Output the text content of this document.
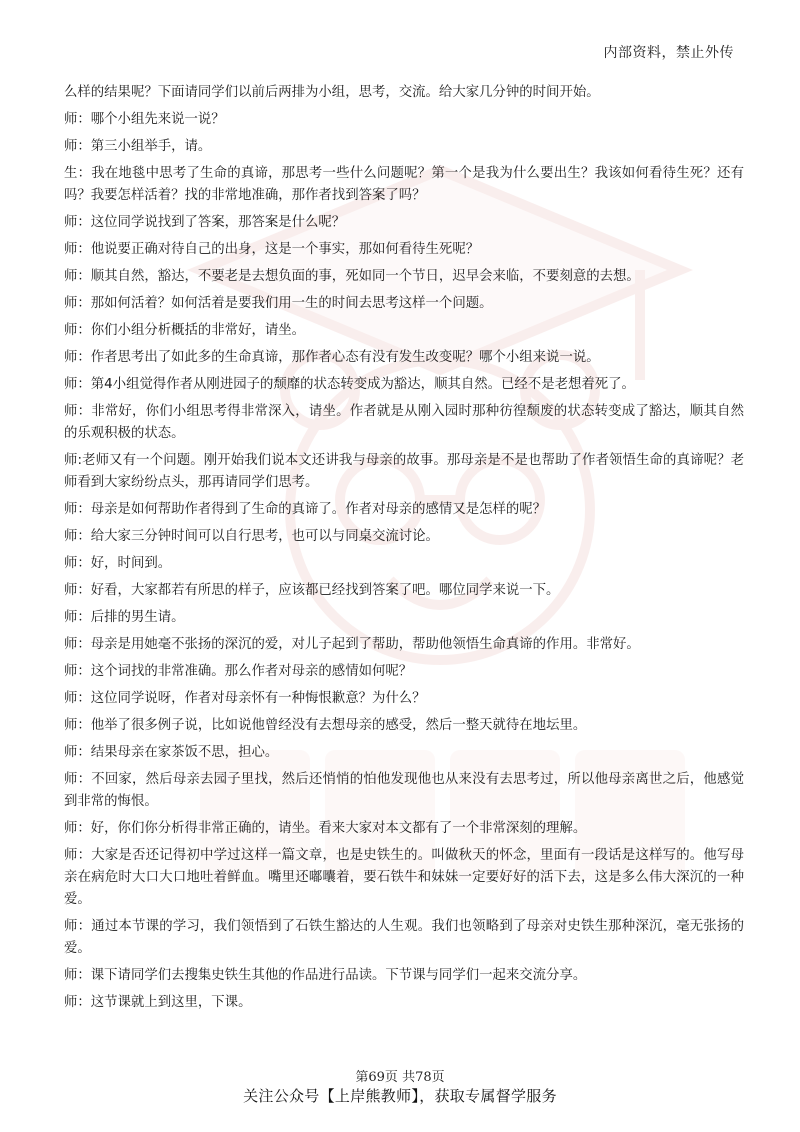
内部资料，禁止外传

么样的结果呢？下面请同学们以前后两排为小组，思考，交流。给大家几分钟的时间开始。

师：哪个小组先来说一说？

师：第三小组举手，请。

生：我在地毯中思考了生命的真谛，那思考一些什么问题呢？第一个是我为什么要出生？我该如何看待生死？还有吗？我要怎样活着？找的非常地准确，那作者找到答案了吗？

师：这位同学说找到了答案，那答案是什么呢？

师：他说要正确对待自己的出身，这是一个事实，那如何看待生死呢？

师：顺其自然，豁达，不要老是去想负面的事，死如同一个节日，迟早会来临，不要刻意的去想。

师：那如何活着？如何活着是要我们用一生的时间去思考这样一个问题。

师：你们小组分析概括的非常好，请坐。

师：作者思考出了如此多的生命真谛，那作者心态有没有发生改变呢？哪个小组来说一说。

师：第4小组觉得作者从刚进园子的颓靡的状态转变成为豁达，顺其自然。已经不是老想着死了。

师：非常好，你们小组思考得非常深入，请坐。作者就是从刚入园时那种彷徨颓废的状态转变成了豁达，顺其自然的乐观积极的状态。

师:老师又有一个问题。刚开始我们说本文还讲我与母亲的故事。那母亲是不是也帮助了作者领悟生命的真谛呢？老师看到大家纷纷点头，那再请同学们思考。

师：母亲是如何帮助作者得到了生命的真谛了。作者对母亲的感情又是怎样的呢？

师：给大家三分钟时间可以自行思考，也可以与同桌交流讨论。

师：好，时间到。

师：好看，大家都若有所思的样子，应该都已经找到答案了吧。哪位同学来说一下。

师：后排的男生请。

师：母亲是用她毫不张扬的深沉的爱，对儿子起到了帮助，帮助他领悟生命真谛的作用。非常好。

师：这个词找的非常准确。那么作者对母亲的感情如何呢？

师：这位同学说呀，作者对母亲怀有一种悔恨歉意？为什么？

师：他举了很多例子说，比如说他曾经没有去想母亲的感受，然后一整天就待在地坛里。

师：结果母亲在家茶饭不思，担心。

师：不回家，然后母亲去园子里找，然后还悄悄的怕他发现他也从来没有去思考过，所以他母亲离世之后，他感觉到非常的悔恨。

师：好，你们你分析得非常正确的，请坐。看来大家对本文都有了一个非常深刻的理解。

师：大家是否还记得初中学过这样一篇文章，也是史铁生的。叫做秋天的怀念，里面有一段话是这样写的。他写母亲在病危时大口大口地吐着鲜血。嘴里还嘟囔着，要石铁牛和妹妹一定要好好的活下去，这是多么伟大深沉的一种爱。

师：通过本节课的学习，我们领悟到了石铁生豁达的人生观。我们也领略到了母亲对史铁生那种深沉，毫无张扬的爱。

师：课下请同学们去搜集史铁生其他的作品进行品读。下节课与同学们一起来交流分享。

师：这节课就上到这里，下课。

第69页 共78页
关注公众号【上岸熊教师】，获取专属督学服务
